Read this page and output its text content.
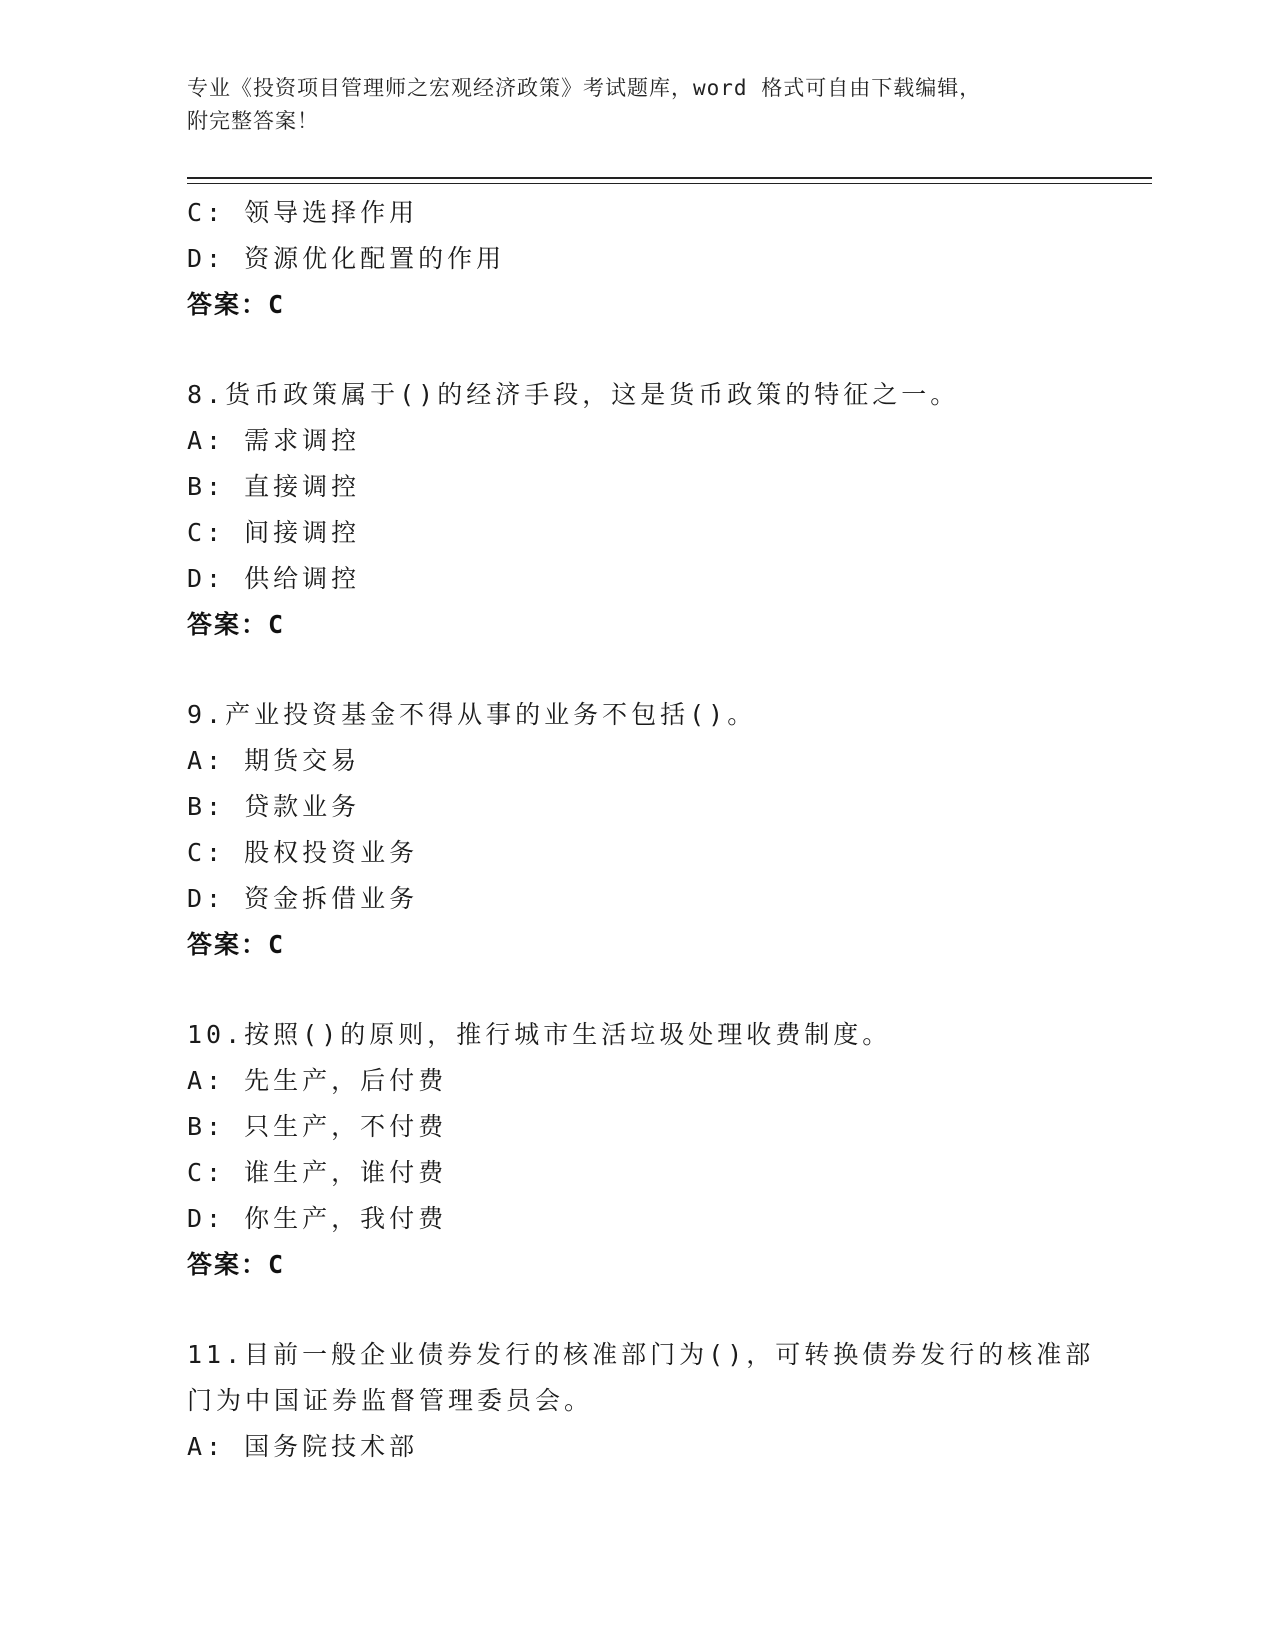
专业《投资项目管理师之宏观经济政策》考试题库，word 格式可自由下载编辑，
附完整答案！
C: 领导选择作用
D: 资源优化配置的作用
答案：C
8.货币政策属于()的经济手段，这是货币政策的特征之一。
A: 需求调控
B: 直接调控
C: 间接调控
D: 供给调控
答案：C
9.产业投资基金不得从事的业务不包括()。
A: 期货交易
B: 贷款业务
C: 股权投资业务
D: 资金拆借业务
答案：C
10.按照()的原则，推行城市生活垃圾处理收费制度。
A: 先生产，后付费
B: 只生产，不付费
C: 谁生产，谁付费
D: 你生产，我付费
答案：C
11.目前一般企业债券发行的核准部门为()，可转换债券发行的核准部
门为中国证券监督管理委员会。
A: 国务院技术部
